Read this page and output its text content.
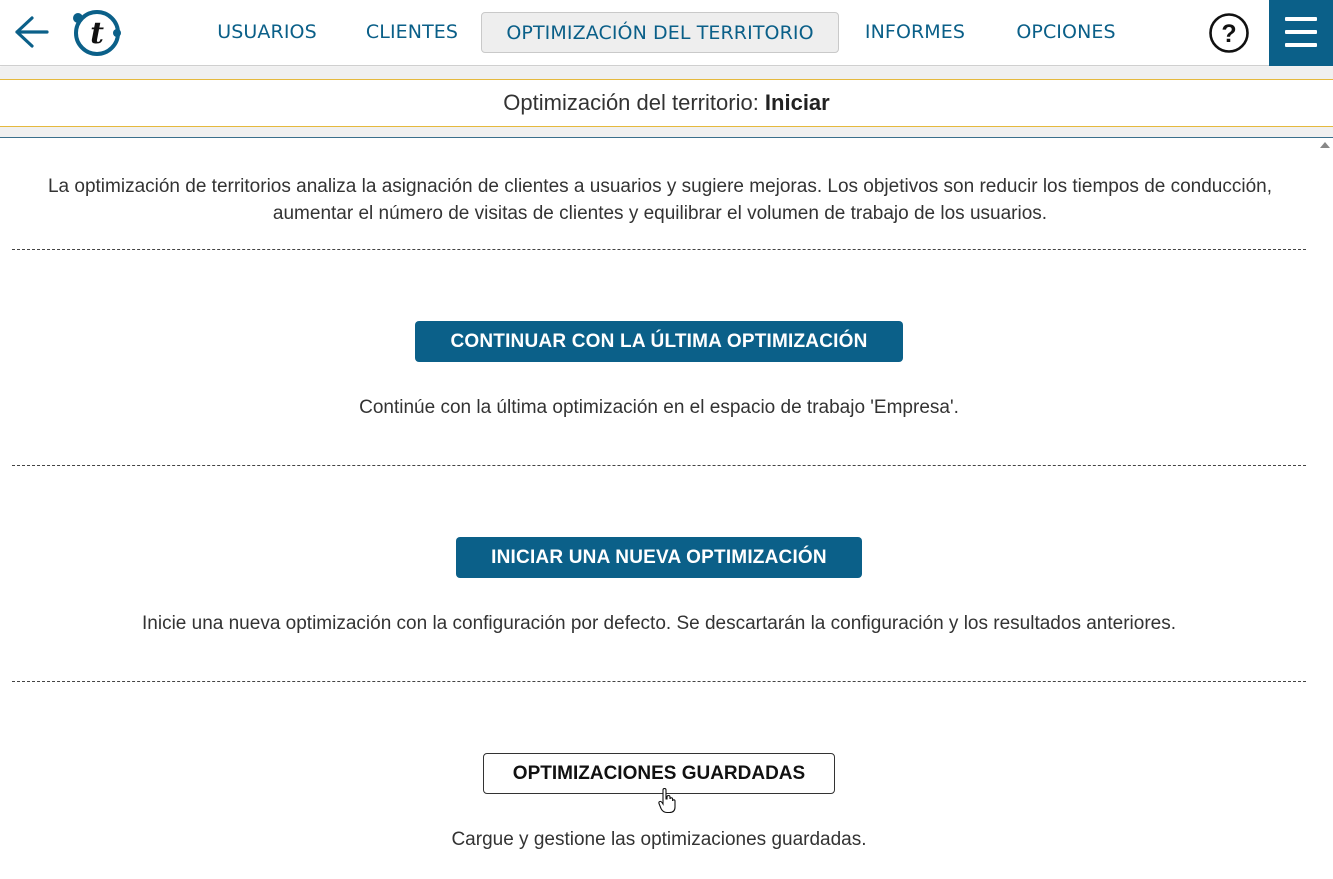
t	USUARIOS	CLIENTES	OPTIMIZACIÓN DEL TERRITORIO	INFORMES	OPCIONES	?
Optimización del territorio: Iniciar
La optimización de territorios analiza la asignación de clientes a usuarios y sugiere mejoras. Los objetivos son reducir los tiempos de conducción, aumentar el número de visitas de clientes y equilibrar el volumen de trabajo de los usuarios.
CONTINUAR CON LA ÚLTIMA OPTIMIZACIÓN
Continúe con la última optimización en el espacio de trabajo 'Empresa'.
INICIAR UNA NUEVA OPTIMIZACIÓN
Inicie una nueva optimización con la configuración por defecto. Se descartarán la configuración y los resultados anteriores.
OPTIMIZACIONES GUARDADAS
Cargue y gestione las optimizaciones guardadas.
